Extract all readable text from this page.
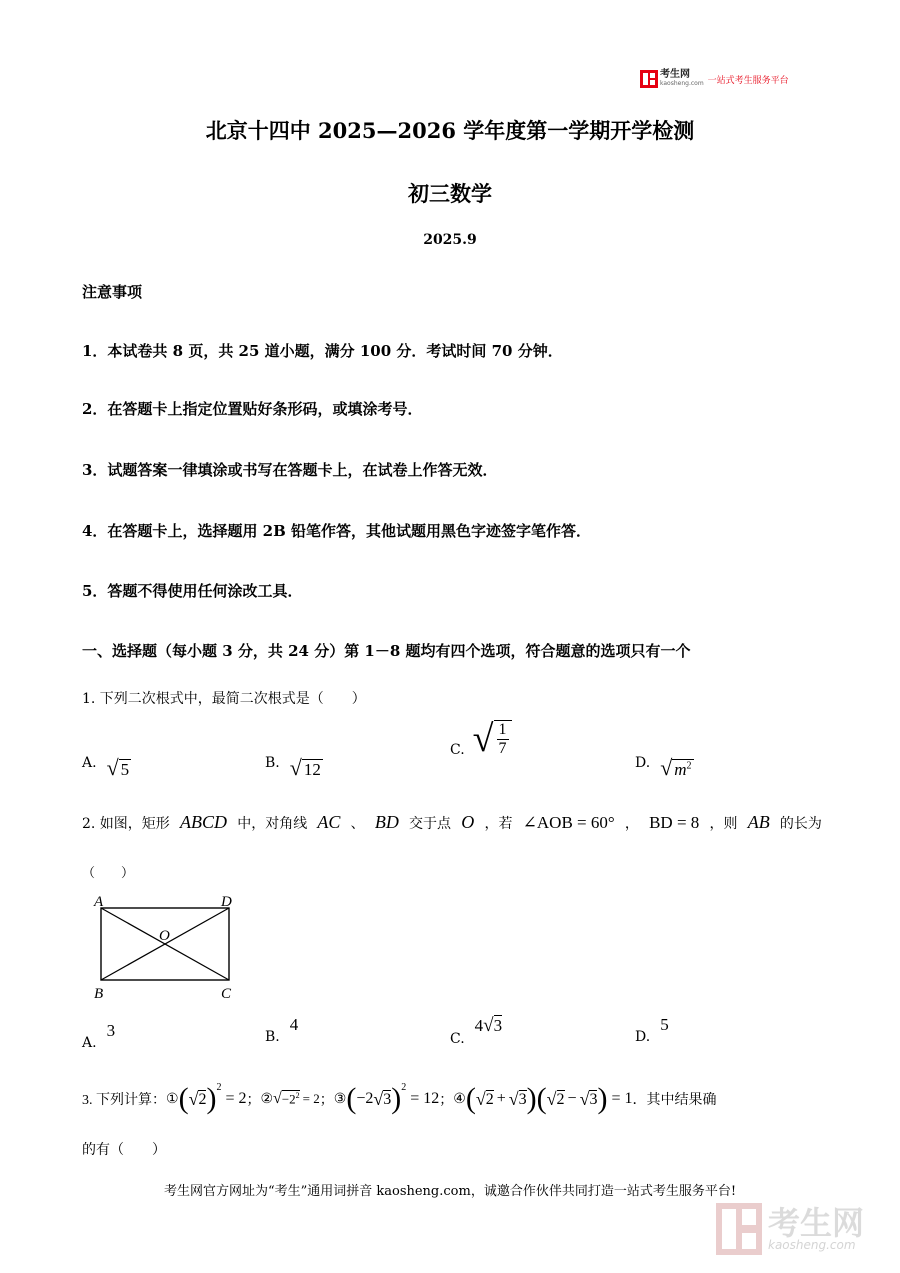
考生网
kaosheng.com 一站式考生服务平台
北京十四中 2025—2026 学年度第一学期开学检测
初三数学
2025.9
注意事项
1．本试卷共 8 页，共 25 道小题，满分 100 分．考试时间 70 分钟．
2．在答题卡上指定位置贴好条形码，或填涂考号．
3．试题答案一律填涂或书写在答题卡上，在试卷上作答无效．
4．在答题卡上，选择题用 2B 铅笔作答，其他试题用黑色字迹签字笔作答．
5．答题不得使用任何涂改工具．
一、选择题（每小题 3 分，共 24 分）第 1－8 题均有四个选项，符合题意的选项只有一个
1. 下列二次根式中，最简二次根式是（　　）
A. √ 5	B. √ 12
C. √ 1
7
D. √ $m^2$
2. 如图，矩形 ABCD 中，对角线 AC 、 BD 交于点 O ，若 ∠AOB = 60° ， BD = 8 ，则 AB 的长为
（　　）
A	D
B	C
O
A.
3	B.
4
C.
4√3
D.
5
3. 下列计算： ① ( √ 2 )$^2$
= 2 ； ② √ $-2^2 = 2$ ； ③ ( −2 √ 3 )$^2$
= 12 ； ④ ( √ 2 + √ 3 )( √ 2 − √ 3 ) = 1 ．其中结果确
的有（　　）
考生网官方网址为“考生”通用词拼音 kaosheng.com，诚邀合作伙伴共同打造一站式考生服务平台!
考生网
kaosheng.com
